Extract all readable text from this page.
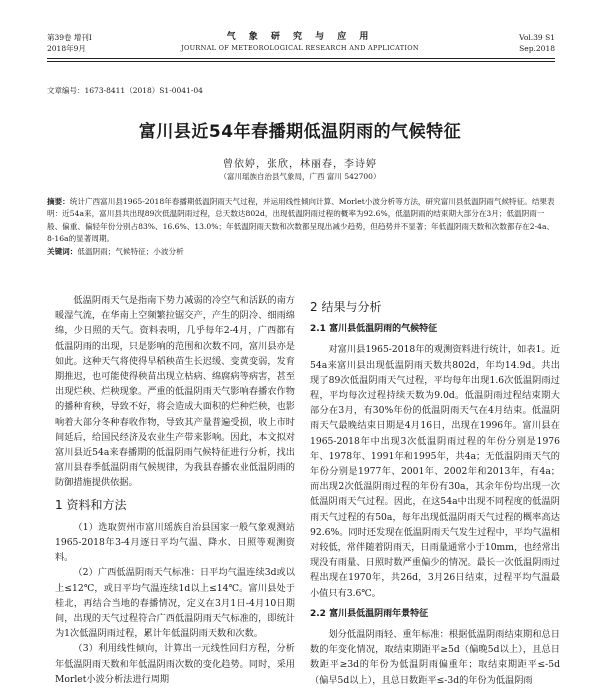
第39卷 增刊Ⅰ
2018年9月
气 象 研 究 与 应 用
JOURNAL OF METEOROLOGICAL RESEARCH AND APPLICATION
Vol.39 S1
Sep.2018
文章编号：1673-8411（2018）S1-0041-04
富川县近54年春播期低温阴雨的气候特征
曾依婷，张欣，林丽春，李诗婷
（富川瑶族自治县气象局，广西 富川 542700）
摘要：统计广西富川县1965-2018年春播期低温阴雨天气过程，并运用线性倾向计算、Morlet小波分析等方法，研究富川县低温阴雨气候特征。结果表明：近54a来，富川县共出现89次低温阴雨过程，总天数达802d，出现低温阴雨过程的概率为92.6%，低温阴雨的结束期大部分在3月；低温阴雨一般、偏重、偏轻年份分别占83%、16.6%、13.0%；年低温阴雨天数和次数都呈现出减少趋势，但趋势并不显著；年低温阴雨天数和次数都存在2-4a、8-16a的显著周期。
关键词：低温阴雨；气候特征；小波分析

低温阴雨天气是指南下势力减弱的冷空气和活跃的南方暖湿气流，在华南上空频繁拉锯交产，产生的阴冷、细雨绵绵，少日照的天气。资料表明，几乎每年2-4月，广西都有低温阴雨的出现，只是影响的范围和次数不同，富川县亦是如此。这种天气将使得早稻秧苗生长迟缓、变黄变弱，发育期推迟，也可能使得秧苗出现立枯病、绵腐病等病害，甚至出现烂秧、烂秧现象。严重的低温阴雨天气影响春播农作物的播种育秧，导致不好，将会造成大面积的烂种烂秧，也影响着大部分冬种春收作物，导致其产量普遍受损，收上市时间延后，给国民经济及农业生产带来影响。因此，本文拟对富川县近54a来春播期的低温阴雨气候特征进行分析，找出富川县春季低温阴雨气候规律，为我县春播农业低温阴雨的防御措施提供依据。

1 资料和方法

（1）选取贺州市富川瑶族自治县国家一般气象观测站1965-2018年3-4月逐日平均气温、降水、日照等观测资料。

（2）广西低温阴雨天气标准：日平均气温连续3d或以上≤12℃，或日平均气温连续1d以上≤14℃。富川县处于桂北，再结合当地的春播情况，定义在3月1日-4月10日期间，出现的天气过程符合广西低温阴雨天气标准的，即统计为1次低温阴雨过程，累计年低温阴雨天数和次数。

（3）利用线性倾向，计算出一元线性回归方程，分析年低温阴雨天数和年低温阴雨次数的变化趋势。同时，采用Morlet小波分析法进行周期

2 结果与分析
2.1 富川县低温阴雨的气候特征

对富川县1965-2018年的观测资料进行统计，如表1。近54a来富川县出现低温阴雨天数共802d，年均14.9d。共出现了89次低温阴雨天气过程，平均每年出现1.6次低温阴雨过程，平均每次过程持续天数为9.0d。低温阴雨过程结束期大部分在3月，有30%年份的低温阴雨天气在4月结束。低温阴雨天气最晚结束日期是4月16日，出现在1996年。富川县在1965-2018年中出现3次低温阴雨过程的年份分别是1976年、1978年、1991年和1995年，共4a；无低温阴雨天气的年份分别是1977年、2001年、2002年和2013年，有4a；而出现2次低温阴雨过程的年份有30a，其余年份均出现一次低温阴雨天气过程。因此，在这54a中出现不同程度的低温阴雨天气过程的有50a，每年出现低温阴雨天气过程的概率高达92.6%。同时还发现在低温阴雨天气发生过程中，平均气温相对较低，常伴随着阴雨天，日雨量通常小于10mm，也经常出现没有雨量、日照时数严重偏少的情况。最长一次低温阴雨过程出现在1970年，共26d，3月26日结束，过程平均气温最小值只有3.6℃。

2.2 富川县低温阴雨年景特征

划分低温阴雨轻、重年标准：根据低温阴雨结束期和总日数的年变化情况，取结束期距平≥5d（偏晚5d以上），且总日数距平≥3d的年份为低温阴雨偏重年；取结束期距平≤-5d（偏早5d以上），且总日数距平≤-3d的年份为低温阴雨
